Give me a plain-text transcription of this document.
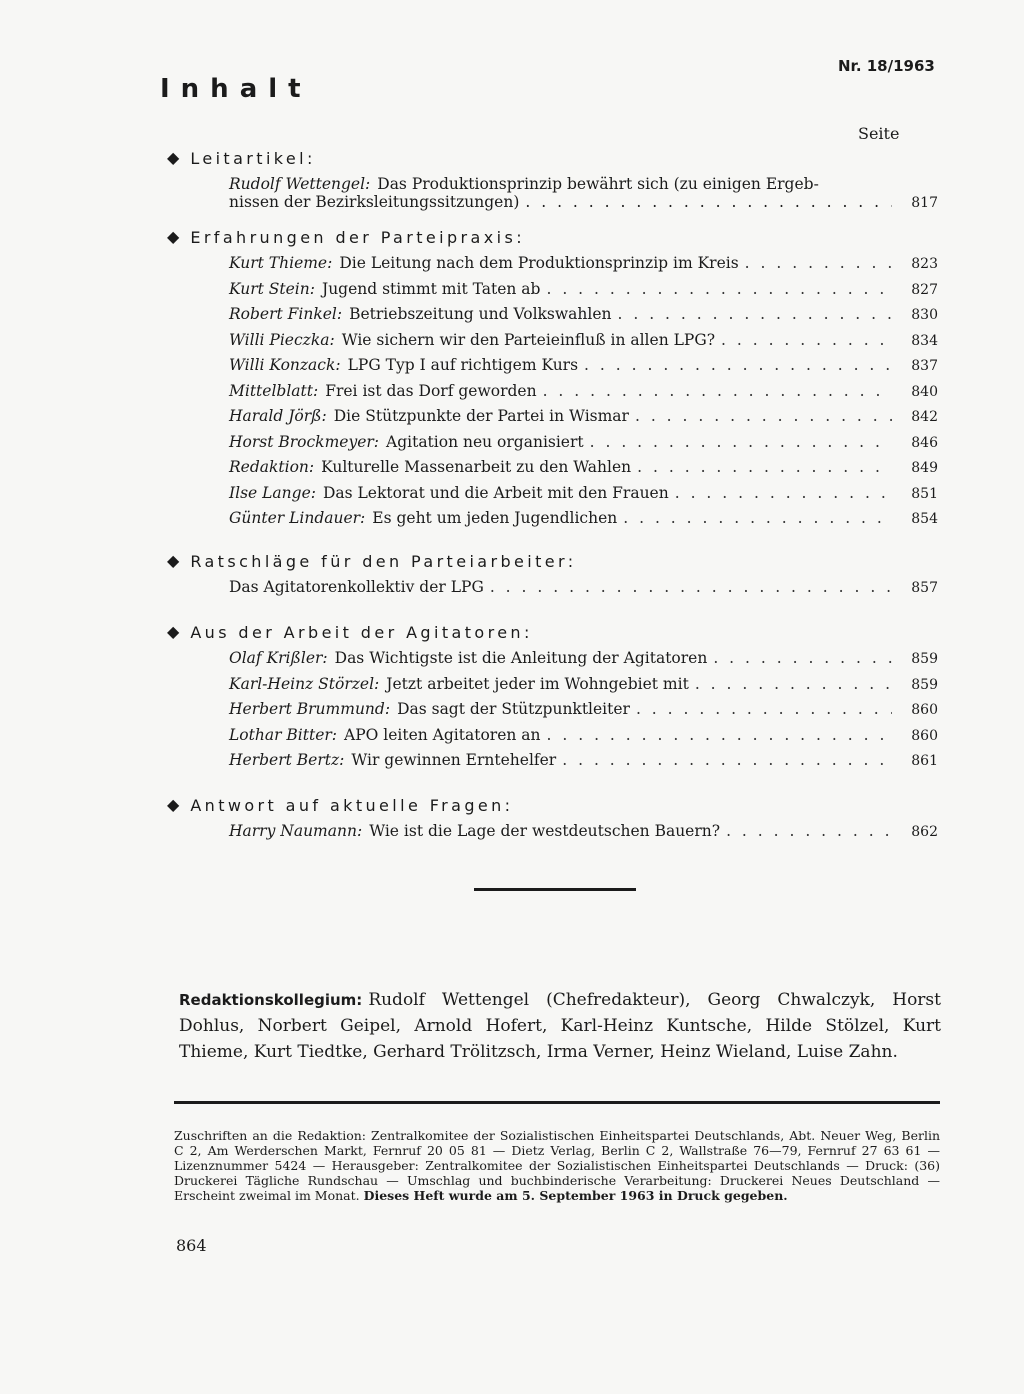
Nr. 18/1963
Inhalt
Seite
◆ Leitartikel:
Rudolf Wettengel: Das Produktionsprinzip bewährt sich (zu einigen Ergeb-
nissen der Bezirksleitungssitzungen) . . .	817
◆ Erfahrungen der Parteipraxis:
Kurt Thieme: Die Leitung nach dem Produktionsprinzip im Kreis . . .	823
Kurt Stein: Jugend stimmt mit Taten ab . . .	827
Robert Finkel: Betriebszeitung und Volkswahlen . . .	830
Willi Pieczka: Wie sichern wir den Parteieinfluß in allen LPG? . . .	834
Willi Konzack: LPG Typ I auf richtigem Kurs . . .	837
Mittelblatt: Frei ist das Dorf geworden . . .	840
Harald Jörß: Die Stützpunkte der Partei in Wismar . . .	842
Horst Brockmeyer: Agitation neu organisiert . . .	846
Redaktion: Kulturelle Massenarbeit zu den Wahlen . . .	849
Ilse Lange: Das Lektorat und die Arbeit mit den Frauen . . .	851
Günter Lindauer: Es geht um jeden Jugendlichen . . .	854
◆ Ratschläge für den Parteiarbeiter:
Das Agitatorenkollektiv der LPG . . .	857
◆ Aus der Arbeit der Agitatoren:
Olaf Krißler: Das Wichtigste ist die Anleitung der Agitatoren . . .	859
Karl-Heinz Störzel: Jetzt arbeitet jeder im Wohngebiet mit . . .	859
Herbert Brummund: Das sagt der Stützpunktleiter . . .	860
Lothar Bitter: APO leiten Agitatoren an . . .	860
Herbert Bertz: Wir gewinnen Erntehelfer . . .	861
◆ Antwort auf aktuelle Fragen:
Harry Naumann: Wie ist die Lage der westdeutschen Bauern? . . .	862
Redaktionskollegium: Rudolf Wettengel (Chefredakteur), Georg Chwalczyk, Horst Dohlus, Norbert Geipel, Arnold Hofert, Karl-Heinz Kuntsche, Hilde Stölzel, Kurt Thieme, Kurt Tiedtke, Gerhard Trölitzsch, Irma Verner, Heinz Wieland, Luise Zahn.
Zuschriften an die Redaktion: Zentralkomitee der Sozialistischen Einheitspartei Deutschlands, Abt. Neuer Weg, Berlin C 2, Am Werderschen Markt, Fernruf 20 05 81 — Dietz Verlag, Berlin C 2, Wallstraße 76—79, Fernruf 27 63 61 — Lizenznummer 5424 — Herausgeber: Zentralkomitee der Sozialistischen Einheitspartei Deutschlands — Druck: (36) Druckerei Tägliche Rundschau — Umschlag und buchbinderische Verarbeitung: Druckerei Neues Deutschland — Erscheint zweimal im Monat. Dieses Heft wurde am 5. September 1963 in Druck gegeben.
864
